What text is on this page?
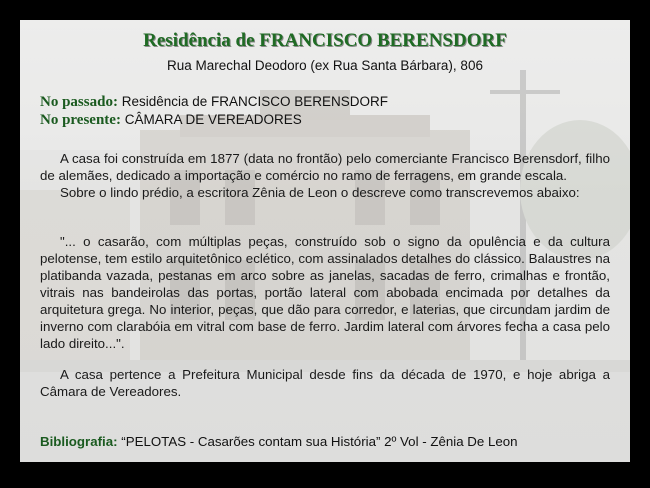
Residência de FRANCISCO BERENSDORF
Rua Marechal Deodoro (ex Rua Santa Bárbara), 806
No passado: Residência de FRANCISCO BERENSDORF
No presente: CÂMARA DE VEREADORES

A casa foi construída em 1877 (data no frontão) pelo comerciante Francisco Berensdorf, filho de alemães, dedicado a importação e comércio no ramo de ferragens, em grande escala.

Sobre o lindo prédio, a escritora Zênia de Leon o descreve como transcrevemos abaixo:

"... o casarão, com múltiplas peças, construído sob o signo da opulência e da cultura pelotense, tem estilo arquitetônico eclético, com assinalados detalhes do clássico. Balaustres na platibanda vazada, pestanas em arco sobre as janelas, sacadas de ferro, crimalhas e frontão, vitrais nas bandeirolas das portas, portão lateral com abobada encimada por detalhes da arquitetura grega. No interior, peças, que dão para corredor, e laterias, que circundam jardim de inverno com clarabóia em vitral com base de ferro. Jardim lateral com árvores fecha a casa pelo lado direito...".

A casa pertence a Prefeitura Municipal desde fins da década de 1970, e hoje abriga a Câmara de Vereadores.

Bibliografia: “PELOTAS - Casarões contam sua História” 2º Vol - Zênia De Leon
